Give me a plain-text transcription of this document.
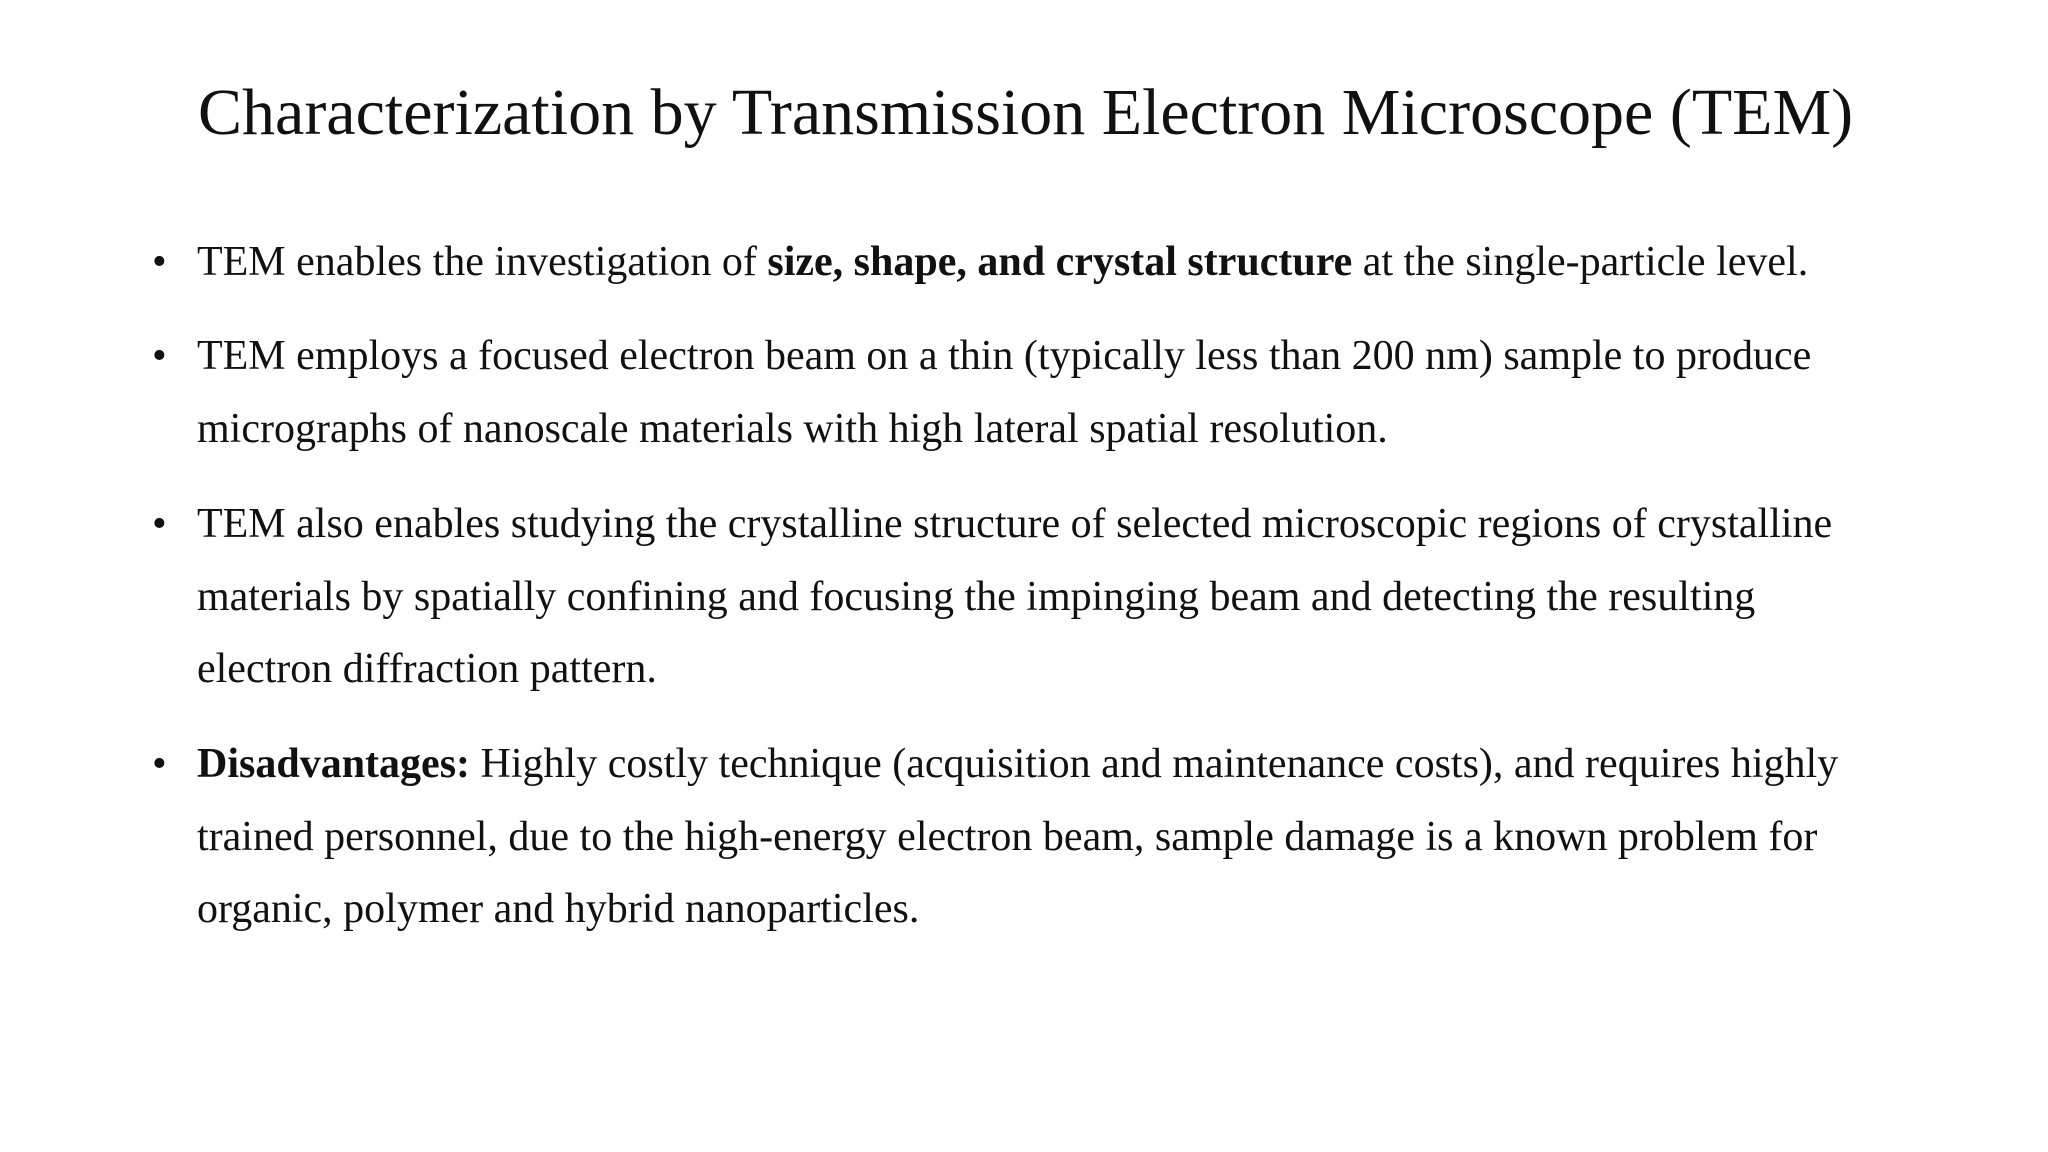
Characterization by Transmission Electron Microscope (TEM)
• TEM enables the investigation of size, shape, and crystal structure at the single-particle level.
• TEM employs a focused electron beam on a thin (typically less than 200 nm) sample to produce
micrographs of nanoscale materials with high lateral spatial resolution.
• TEM also enables studying the crystalline structure of selected microscopic regions of crystalline
materials by spatially confining and focusing the impinging beam and detecting the resulting
electron diffraction pattern.
• Disadvantages: Highly costly technique (acquisition and maintenance costs), and requires highly
trained personnel, due to the high-energy electron beam, sample damage is a known problem for
organic, polymer and hybrid nanoparticles.
